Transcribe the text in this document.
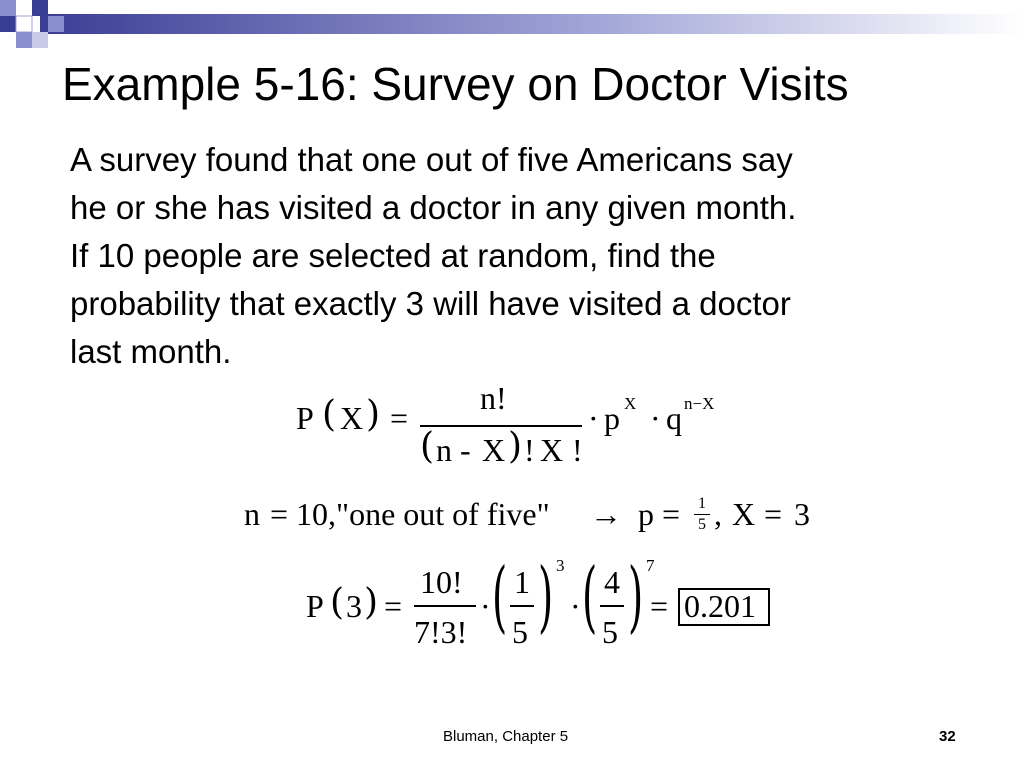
Example 5-16: Survey on Doctor Visits
A survey found that one out of five Americans say
he or she has visited a doctor in any given month.
If 10 people are selected at random, find the
probability that exactly 3 will have visited a doctor
last month.
P ( X ) =
n!
( n - X ) ! X !
· p X · q n−X
n = 10,"one out of five" → p = 1
5 , X = 3
P ( 3 ) =
10!
7!3!
· ( 1
5 ) 3
· ( 4
5 ) 7
= 0.201
Bluman, Chapter 5	32
